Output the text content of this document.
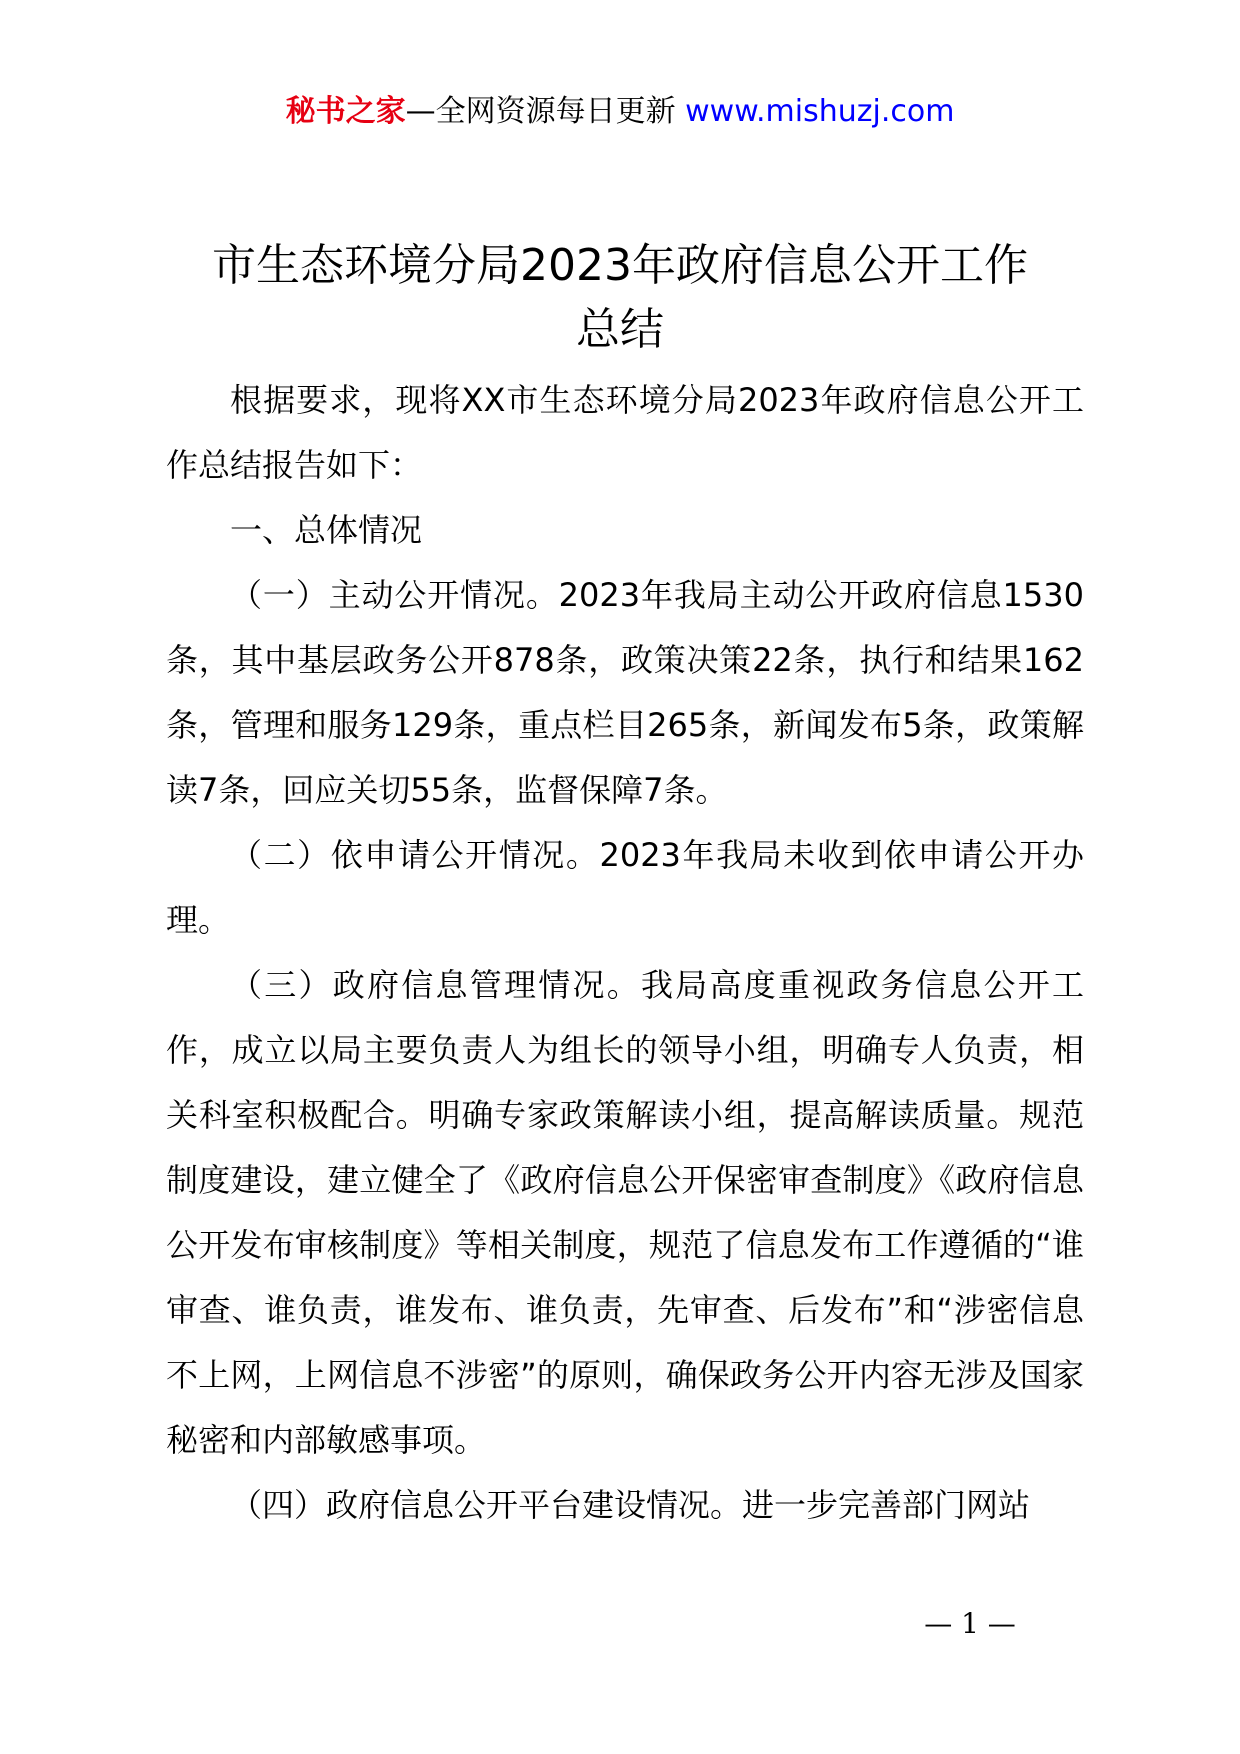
秘书之家—全网资源每日更新 www.mishuzj.com
市生态环境分局2023年政府信息公开工作
总结

根据要求，现将XX市生态环境分局2023年政府信息公开工作总结报告如下：

一、总体情况

（一）主动公开情况。2023年我局主动公开政府信息1530条，其中基层政务公开878条，政策决策22条，执行和结果162条，管理和服务129条，重点栏目265条，新闻发布5条，政策解读7条，回应关切55条，监督保障7条。

（二）依申请公开情况。2023年我局未收到依申请公开办理。

（三）政府信息管理情况。我局高度重视政务信息公开工作，成立以局主要负责人为组长的领导小组，明确专人负责，相关科室积极配合。明确专家政策解读小组，提高解读质量。规范制度建设，建立健全了《政府信息公开保密审查制度》《政府信息公开发布审核制度》等相关制度，规范了信息发布工作遵循的“谁审查、谁负责，谁发布、谁负责，先审查、后发布”和“涉密信息不上网，上网信息不涉密”的原则，确保政务公开内容无涉及国家秘密和内部敏感事项。

（四）政府信息公开平台建设情况。进一步完善部门网站

— 1 —
